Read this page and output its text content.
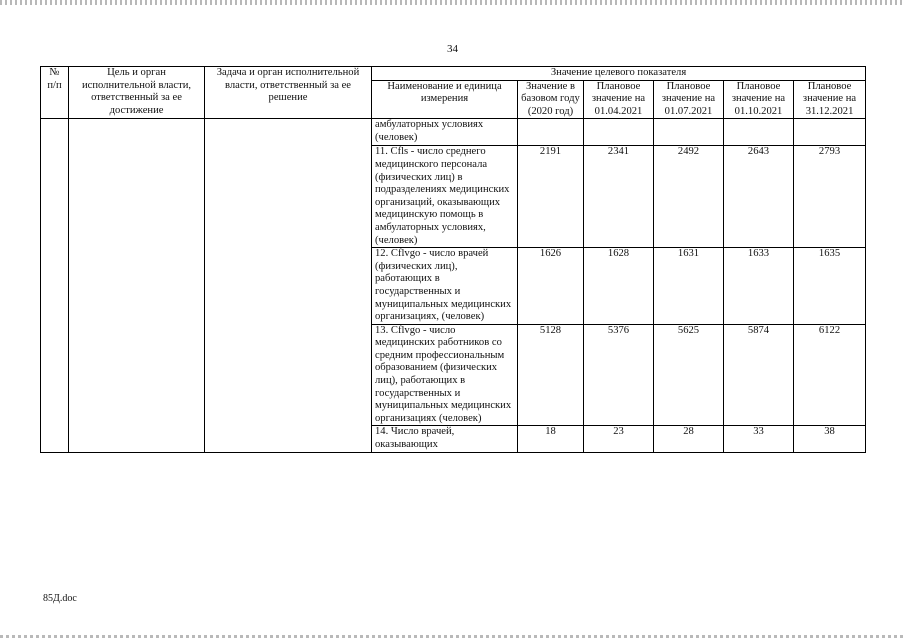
34
№ п/п	Цель и орган исполнительной власти, ответственный за ее достижение	Задача и орган исполнительной власти, ответственный за ее решение	Значение целевого показателя					
			Наименование и единица измерения	Значение в базовом году (2020 год)	Плановое значение на 01.04.2021	Плановое значение на 01.07.2021	Плановое значение на 01.10.2021	Плановое значение на 31.12.2021
			амбулаторных условиях (человек)					
			11. Cfls - число среднего медицинского персонала (физических лиц) в подразделениях медицинских организаций, оказывающих медицинскую помощь в амбулаторных условиях, (человек)	2191	2341	2492	2643	2793
			12. Cflvgo - число врачей (физических лиц), работающих в государственных и муниципальных медицинских организациях, (человек)	1626	1628	1631	1633	1635
			13. Cflvgo - число медицинских работников со средним профессиональным образованием (физических лиц), работающих в государственных и муниципальных медицинских организациях (человек)	5128	5376	5625	5874	6122
			14. Число врачей, оказывающих	18	23	28	33	38
85Д.doc
